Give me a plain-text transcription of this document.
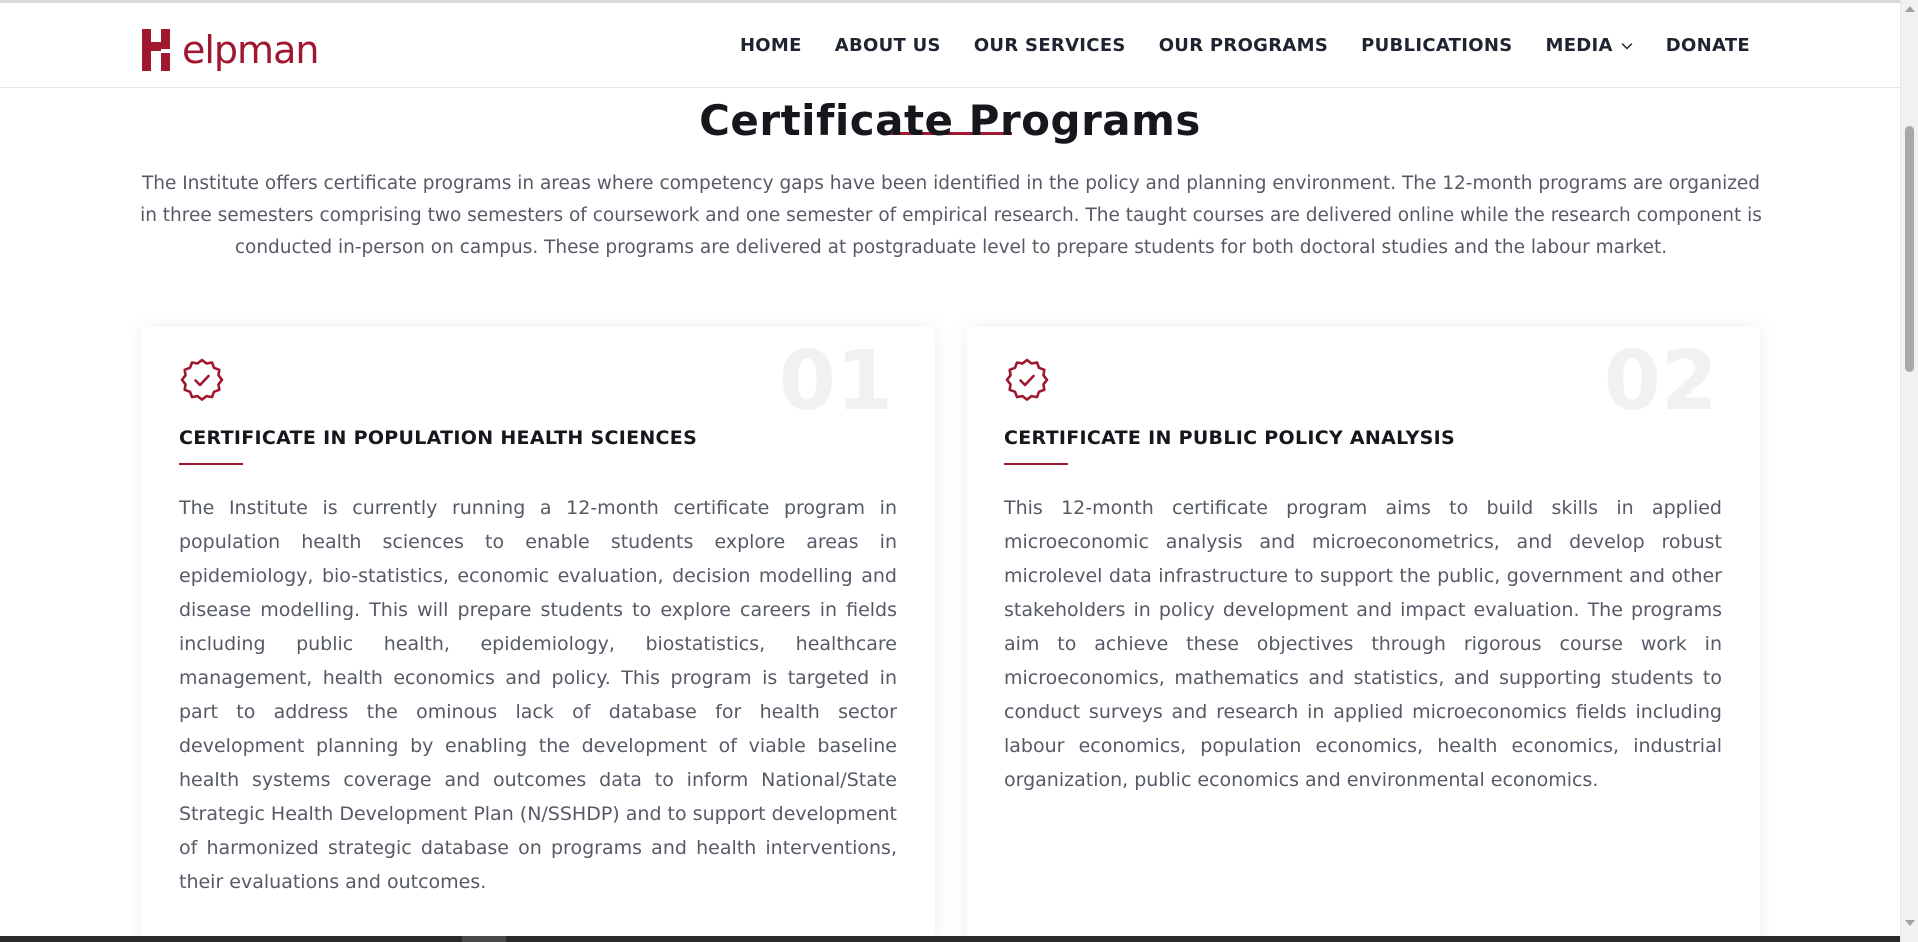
Certificate Programs

The Institute offers certificate programs in areas where competency gaps have been identified in the policy and planning environment. The 12-month programs are organized in three semesters comprising two semesters of coursework and one semester of empirical research. The taught courses are delivered online while the research component is conducted in-person on campus. These programs are delivered at postgraduate level to prepare students for both doctoral studies and the labour market.

01
CERTIFICATE IN POPULATION HEALTH SCIENCES

The Institute is currently running a 12-month certificate program in population health sciences to enable students explore areas in epidemiology, bio-statistics, economic evaluation, decision modelling and disease modelling. This will prepare students to explore careers in fields including public health, epidemiology, biostatistics, healthcare management, health economics and policy. This program is targeted in part to address the ominous lack of database for health sector development planning by enabling the development of viable baseline health systems coverage and outcomes data to inform National/State Strategic Health Development Plan (N/SSHDP) and to support development of harmonized strategic database on programs and health interventions, their evaluations and outcomes.

02
CERTIFICATE IN PUBLIC POLICY ANALYSIS

This 12-month certificate program aims to build skills in applied microeconomic analysis and microeconometrics, and develop robust microlevel data infrastructure to support the public, government and other stakeholders in policy development and impact evaluation. The programs aim to achieve these objectives through rigorous course work in microeconomics, mathematics and statistics, and supporting students to conduct surveys and research in applied microeconomics fields including labour economics, population economics, health economics, industrial organization, public economics and environmental economics.

elpman	HOME ABOUT US OUR SERVICES OUR PROGRAMS PUBLICATIONS MEDIA	DONATE
